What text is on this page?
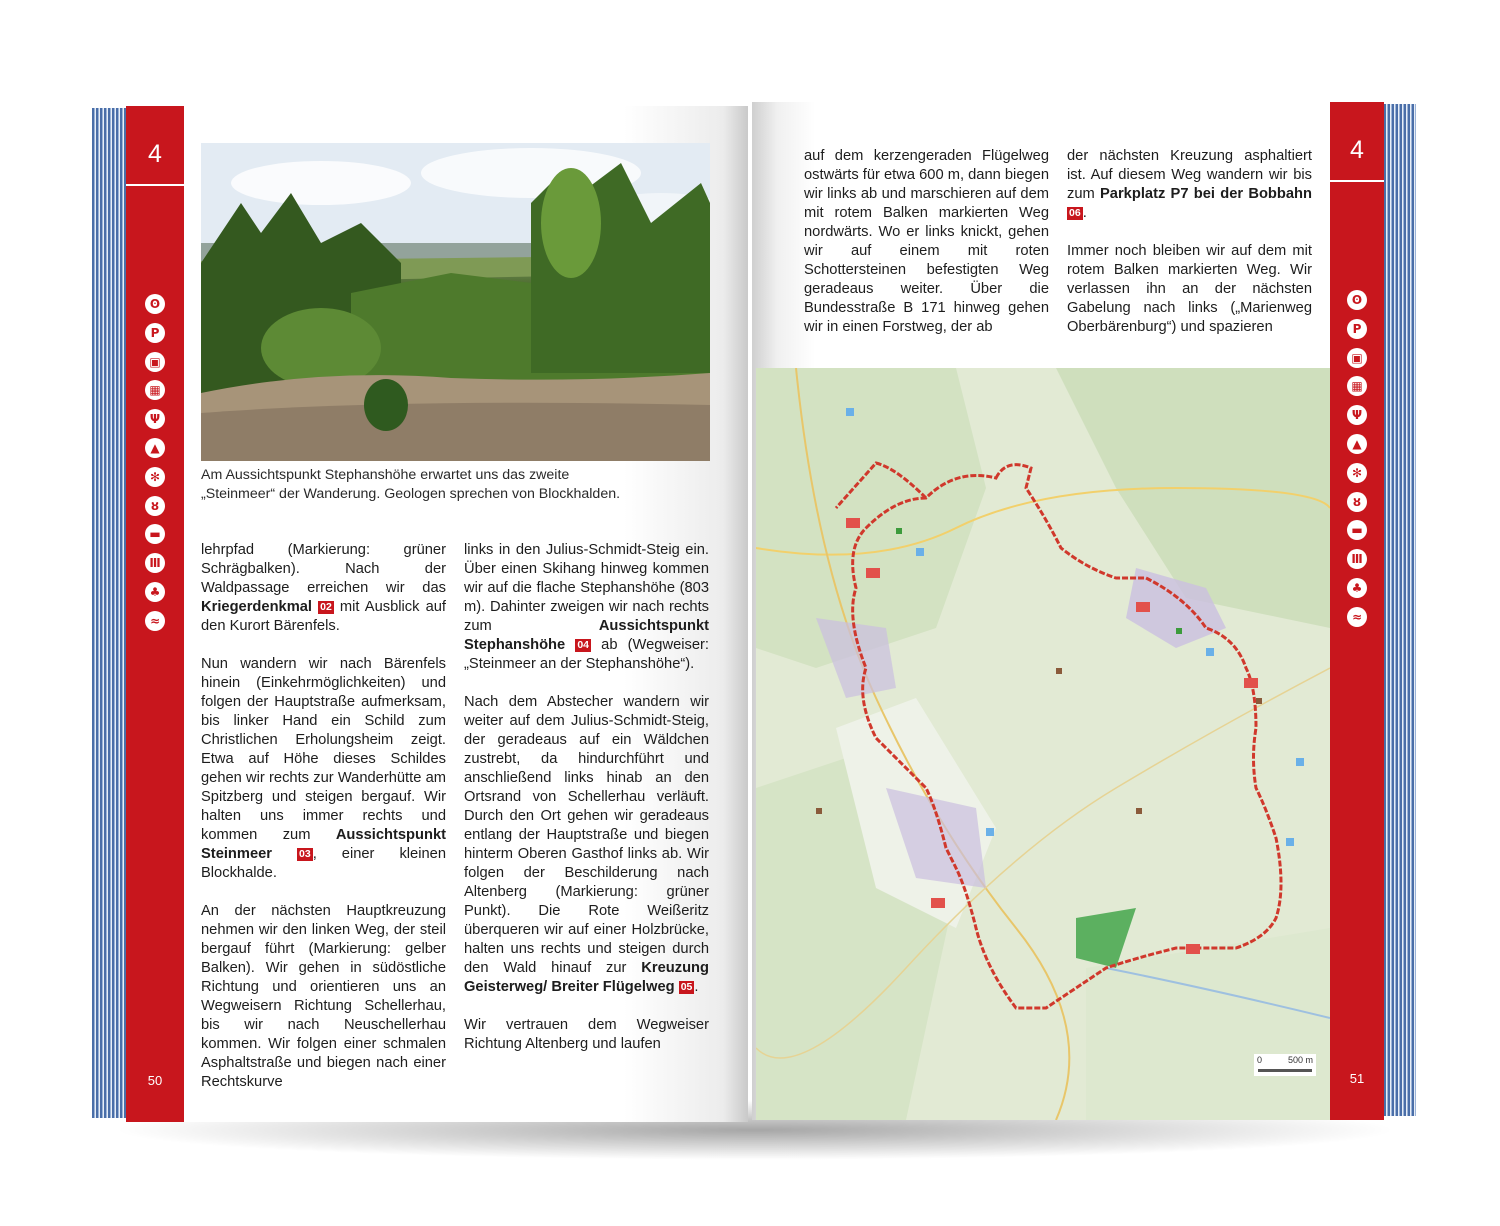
4
ʘ
P
▣
▦
Ψ
▲
✻
ȣ
▬
Ⅲ
♣
≈
50
Am Aussichtspunkt Stephanshöhe erwartet uns das zweite
„Steinmeer“ der Wanderung. Geologen sprechen von Blockhalden.

lehrpfad (Markierung: grüner Schrägbalken). Nach der Waldpassage erreichen wir das Kriegerdenkmal 02 mit Ausblick auf den Kurort Bärenfels.

Nun wandern wir nach Bärenfels hinein (Einkehrmöglichkeiten) und folgen der Hauptstraße aufmerksam, bis linker Hand ein Schild zum Christlichen Erholungsheim zeigt. Etwa auf Höhe dieses Schildes gehen wir rechts zur Wanderhütte am Spitzberg und steigen bergauf. Wir halten uns immer rechts und kommen zum Aussichtspunkt Steinmeer	03 , einer kleinen Blockhalde.

An der nächsten Hauptkreuzung nehmen wir den linken Weg, der steil bergauf führt (Markierung: gelber Balken). Wir gehen in südöstliche Richtung und orientieren uns an Wegweisern Richtung Schellerhau, bis wir nach Neuschellerhau kommen. Wir folgen einer schmalen Asphaltstraße und biegen nach einer Rechtskurve

links in den Julius-Schmidt-Steig ein. Über einen Skihang hinweg kommen wir auf die flache Stephanshöhe (803 m). Dahinter zweigen wir nach rechts zum Aussichtspunkt Stephanshöhe 04 ab (Wegweiser: „Steinmeer an der Stephanshöhe“).

Nach dem Abstecher wandern wir weiter auf dem Julius-Schmidt-Steig, der geradeaus auf ein Wäldchen zustrebt, da hindurchführt und anschließend links hinab an den Ortsrand von Schellerhau verläuft. Durch den Ort gehen wir geradeaus entlang der Hauptstraße und biegen hinterm Oberen Gasthof links ab. Wir folgen der Beschilderung nach Altenberg (Markierung: grüner Punkt). Die Rote Weißeritz überqueren wir auf einer Holzbrücke, halten uns rechts und steigen durch den Wald hinauf zur Kreuzung Geisterweg/ Breiter Flügelweg 05 .

Wir vertrauen dem Wegweiser Richtung Altenberg und laufen

auf dem kerzengeraden Flügelweg ostwärts für etwa 600 m, dann biegen wir links ab und marschieren auf dem mit rotem Balken markierten Weg nordwärts. Wo er links knickt, gehen wir auf einem mit roten Schottersteinen befestigten Weg geradeaus weiter. Über die Bundesstraße B 171 hinweg gehen wir in einen Forstweg, der ab

der nächsten Kreuzung asphaltiert ist. Auf diesem Weg wandern wir bis zum Parkplatz P7 bei der Bobbahn 06 .

Immer noch bleiben wir auf dem mit rotem Balken markierten Weg. Wir verlassen ihn an der nächsten Gabelung nach links („Marienweg Oberbärenburg“) und spazieren

0	500 m
4
ʘ
P
▣
▦
Ψ
▲
✻
ȣ
▬
Ⅲ
♣
≈
51
